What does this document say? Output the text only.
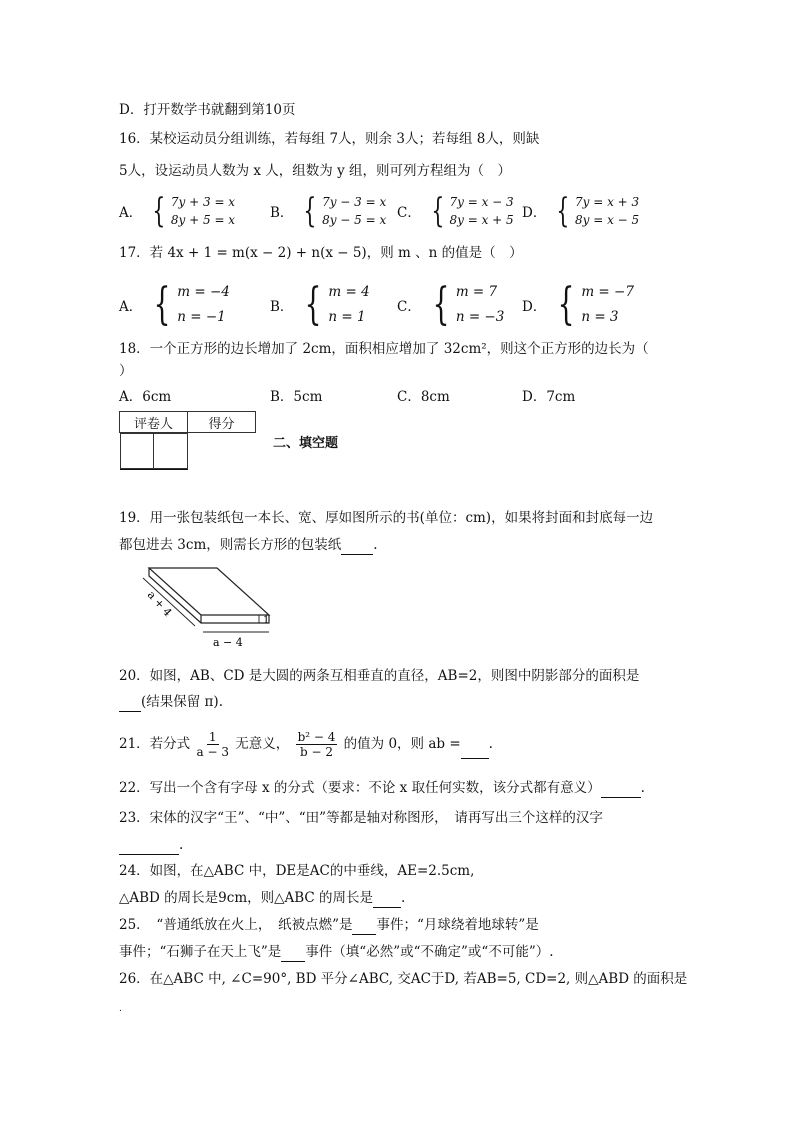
D．打开数学书就翻到第10页
16．某校运动员分组训练，若每组 7人，则余 3人；若每组 8人，则缺
5人，设运动员人数为 x 人，组数为 y 组，则可列方程组为（　）
A． { 7y + 3 = x
8y + 5 = x	B． { 7y − 3 = x
8y − 5 = x C． { 7y = x − 3
8y = x + 5 D． { 7y = x + 3
8y = x − 5
17．若 4x + 1 = m(x − 2) + n(x − 5)，则 m 、n 的值是（　）
A． { m = −4
n = −1
B． { m = 4
n = 1
C． { m = 7
n = −3
D． { m = −7
n = 3
18．一个正方形的边长增加了 2cm，面积相应增加了 32cm²，则这个正方形的边长为（
）
A．6cm	B．5cm	C．8cm	D．7cm
评卷人	得分

二、填空题
19．用一张包装纸包一本长、宽、厚如图所示的书(单位：cm)，如果将封面和封底每一边
都包进去 3cm，则需长方形的包装纸 .
a + 4
a − 4
1
20．如图，AB、CD 是大圆的两条互相垂直的直径，AB=2，则图中阴影部分的面积是
(结果保留 π).
21．若分式 $\frac{1}{a - 3}$ 无意义， $\frac{\text{b² − 4}}{b - 2}$ 的值为 0，则 ab = .
22．写出一个含有字母 x 的分式（要求：不论 x 取任何实数，该分式都有意义）	.
23．宋体的汉字“王”、“中”、“田”等都是轴对称图形，　请再写出三个这样的汉字
.
24．如图，在△ABC 中，DE是AC的中垂线，AE=2.5cm,
△ABD 的周长是9cm，则△ABC 的周长是 .
25．　“普通纸放在火上，　纸被点燃”是 事件；“月球绕着地球转”是
事件；“石狮子在天上飞”是 事件（填“必然”或“不确定”或“不可能”）.
26．在△ABC 中, ∠C=90°, BD 平分∠ABC, 交AC于D, 若AB=5, CD=2, 则△ABD 的面积是
.
